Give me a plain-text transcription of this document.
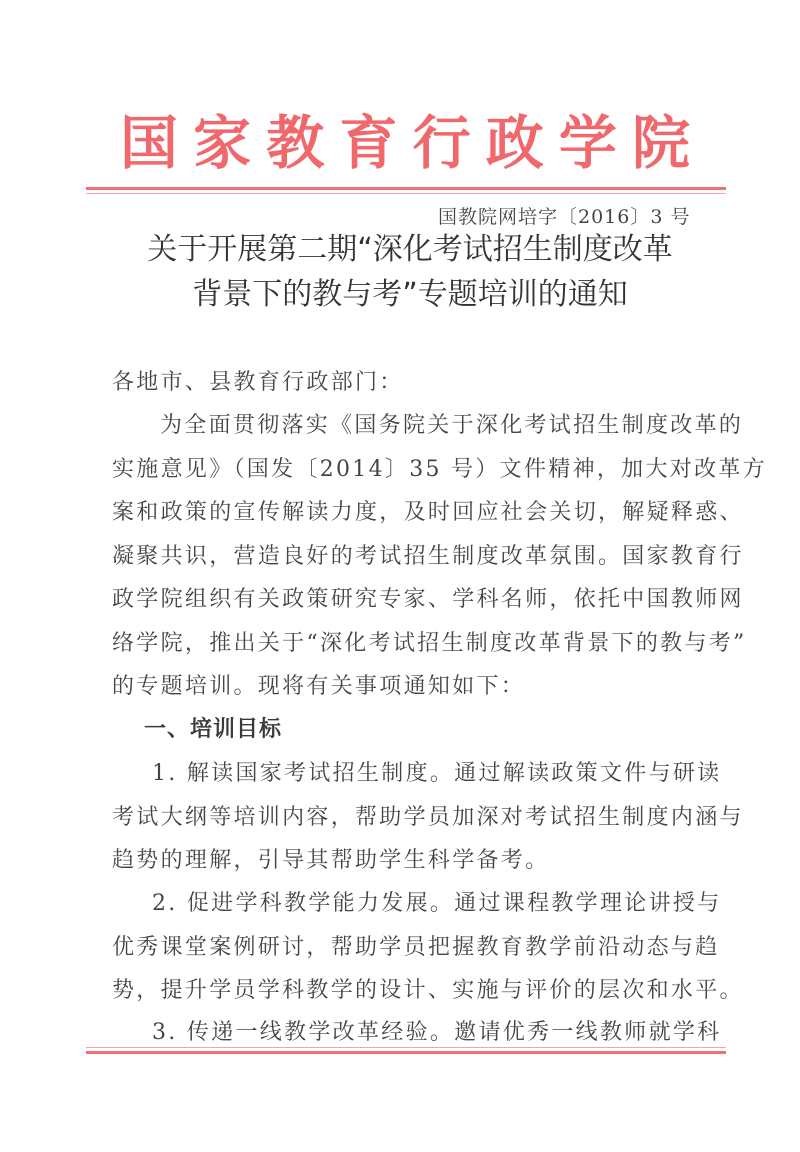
国 家 教 育 行 政 学 院
国教院网培字〔2016〕3 号
关于开展第二期“深化考试招生制度改革
背景下的教与考”专题培训的通知
各地市、县教育行政部门：
为全面贯彻落实《国务院关于深化考试招生制度改革的
实施意见》（国发〔2014〕35 号）文件精神，加大对改革方
案和政策的宣传解读力度，及时回应社会关切，解疑释惑、
凝聚共识，营造良好的考试招生制度改革氛围。国家教育行
政学院组织有关政策研究专家、学科名师，依托中国教师网
络学院，推出关于“深化考试招生制度改革背景下的教与考”
的专题培训。现将有关事项通知如下：
一、培训目标
1. 解读国家考试招生制度。通过解读政策文件与研读
考试大纲等培训内容，帮助学员加深对考试招生制度内涵与
趋势的理解，引导其帮助学生科学备考。
2. 促进学科教学能力发展。通过课程教学理论讲授与
优秀课堂案例研讨，帮助学员把握教育教学前沿动态与趋
势，提升学员学科教学的设计、实施与评价的层次和水平。
3. 传递一线教学改革经验。邀请优秀一线教师就学科
